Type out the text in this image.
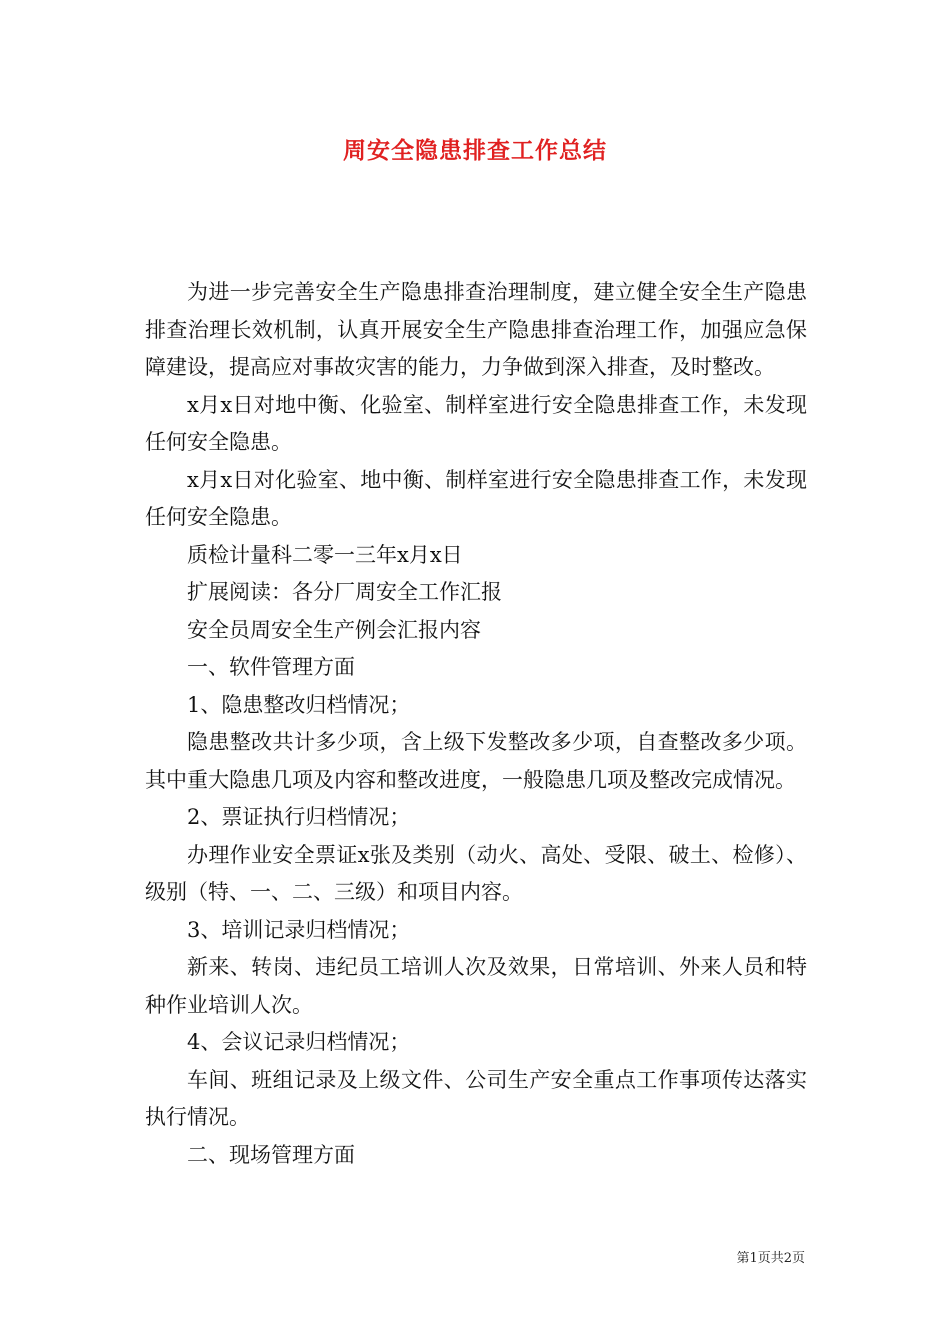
周安全隐患排查工作总结

为进一步完善安全生产隐患排查治理制度，建立健全安全生产隐患排查治理长效机制，认真开展安全生产隐患排查治理工作，加强应急保障建设，提高应对事故灾害的能力，力争做到深入排查，及时整改。

x月x日对地中衡、化验室、制样室进行安全隐患排查工作，未发现任何安全隐患。

x月x日对化验室、地中衡、制样室进行安全隐患排查工作，未发现任何安全隐患。

质检计量科二零一三年x月x日

扩展阅读：各分厂周安全工作汇报

安全员周安全生产例会汇报内容

一、软件管理方面

1、隐患整改归档情况；

隐患整改共计多少项，含上级下发整改多少项，自查整改多少项。其中重大隐患几项及内容和整改进度，一般隐患几项及整改完成情况。

2、票证执行归档情况；

办理作业安全票证x张及类别（动火、高处、受限、破土、检修）、级别（特、一、二、三级）和项目内容。

3、培训记录归档情况；

新来、转岗、违纪员工培训人次及效果，日常培训、外来人员和特种作业培训人次。

4、会议记录归档情况；

车间、班组记录及上级文件、公司生产安全重点工作事项传达落实执行情况。

二、现场管理方面

第1页共2页
